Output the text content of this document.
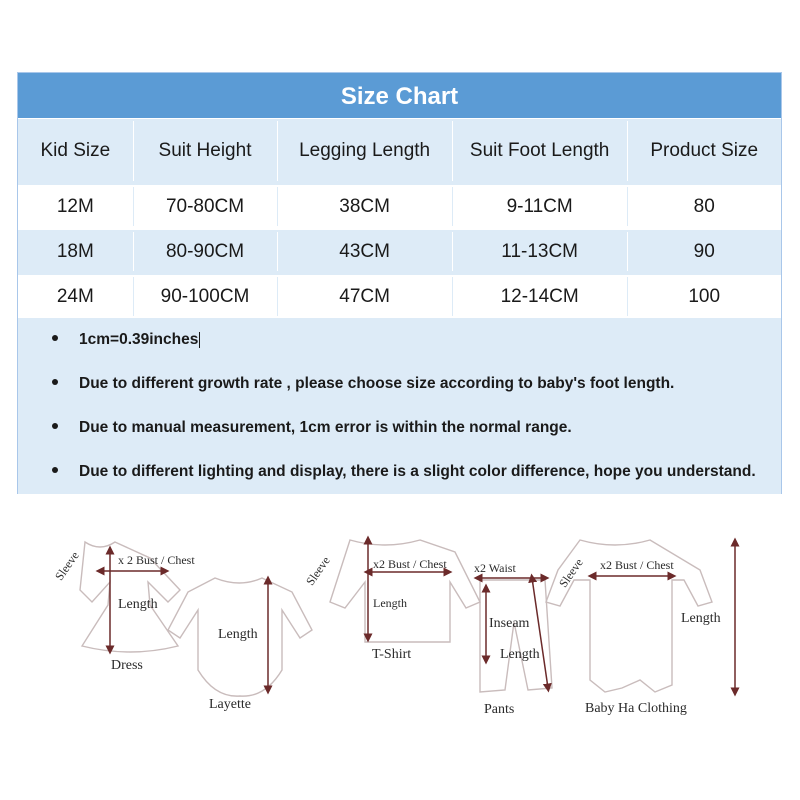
Size Chart
Kid Size	Suit Height	Legging Length	Suit Foot Length	Product Size
12M	70-80CM	38CM	9-11CM	80
18M	80-90CM	43CM	11-13CM	90
24M	90-100CM	47CM	12-14CM	100
1cm=0.39inches
Due to different growth rate , please choose size according to baby's foot length.
Due to manual measurement, 1cm error is within the normal range.
Due to different lighting and display, there is a slight color difference, hope you understand.
Sleeve	x 2 Bust / Chest
Length
Dress
Length
Layette
Sleeve	x2 Bust / Chest
Length
T-Shirt
x2 Waist
Inseam
Length
Pants
Sleeve x2 Bust / Chest
Length
Baby Ha Clothing
